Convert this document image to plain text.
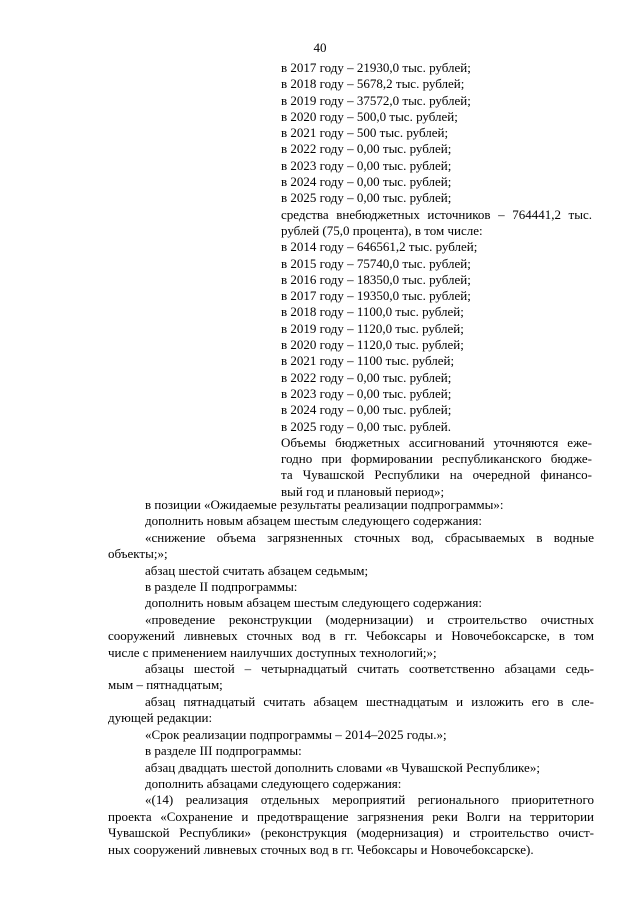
40
в 2017 году – 21930,0 тыс. рублей;
в 2018 году – 5678,2 тыс. рублей;
в 2019 году – 37572,0 тыс. рублей;
в 2020 году – 500,0 тыс. рублей;
в 2021 году – 500 тыс. рублей;
в 2022 году – 0,00 тыс. рублей;
в 2023 году – 0,00 тыс. рублей;
в 2024 году – 0,00 тыс. рублей;
в 2025 году – 0,00 тыс. рублей;
средства внебюджетных источников – 764441,2 тыс.
рублей (75,0 процента), в том числе:
в 2014 году – 646561,2 тыс. рублей;
в 2015 году – 75740,0 тыс. рублей;
в 2016 году – 18350,0 тыс. рублей;
в 2017 году – 19350,0 тыс. рублей;
в 2018 году – 1100,0 тыс. рублей;
в 2019 году – 1120,0 тыс. рублей;
в 2020 году – 1120,0 тыс. рублей;
в 2021 году – 1100 тыс. рублей;
в 2022 году – 0,00 тыс. рублей;
в 2023 году – 0,00 тыс. рублей;
в 2024 году – 0,00 тыс. рублей;
в 2025 году – 0,00 тыс. рублей.
Объемы бюджетных ассигнований уточняются еже-
годно при формировании республиканского бюдже-
та Чувашской Республики на очередной финансо-
вый год и плановый период»;
в позиции «Ожидаемые результаты реализации подпрограммы»:
дополнить новым абзацем шестым следующего содержания:
«снижение объема загрязненных сточных вод, сбрасываемых в водные
объекты;»;
абзац шестой считать абзацем седьмым;
в разделе II подпрограммы:
дополнить новым абзацем шестым следующего содержания:
«проведение реконструкции (модернизации) и строительство очистных
сооружений ливневых сточных вод в гг. Чебоксары и Новочебоксарске, в том
числе с применением наилучших доступных технологий;»;
абзацы шестой – четырнадцатый считать соответственно абзацами седь-
мым – пятнадцатым;
абзац пятнадцатый считать абзацем шестнадцатым и изложить его в сле-
дующей редакции:
«Срок реализации подпрограммы – 2014–2025 годы.»;
в разделе III подпрограммы:
абзац двадцать шестой дополнить словами «в Чувашской Республике»;
дополнить абзацами следующего содержания:
«(14) реализация отдельных мероприятий регионального приоритетного
проекта «Сохранение и предотвращение загрязнения реки Волги на территории
Чувашской Республики» (реконструкция (модернизация) и строительство очист-
ных сооружений ливневых сточных вод в гг. Чебоксары и Новочебоксарске).
